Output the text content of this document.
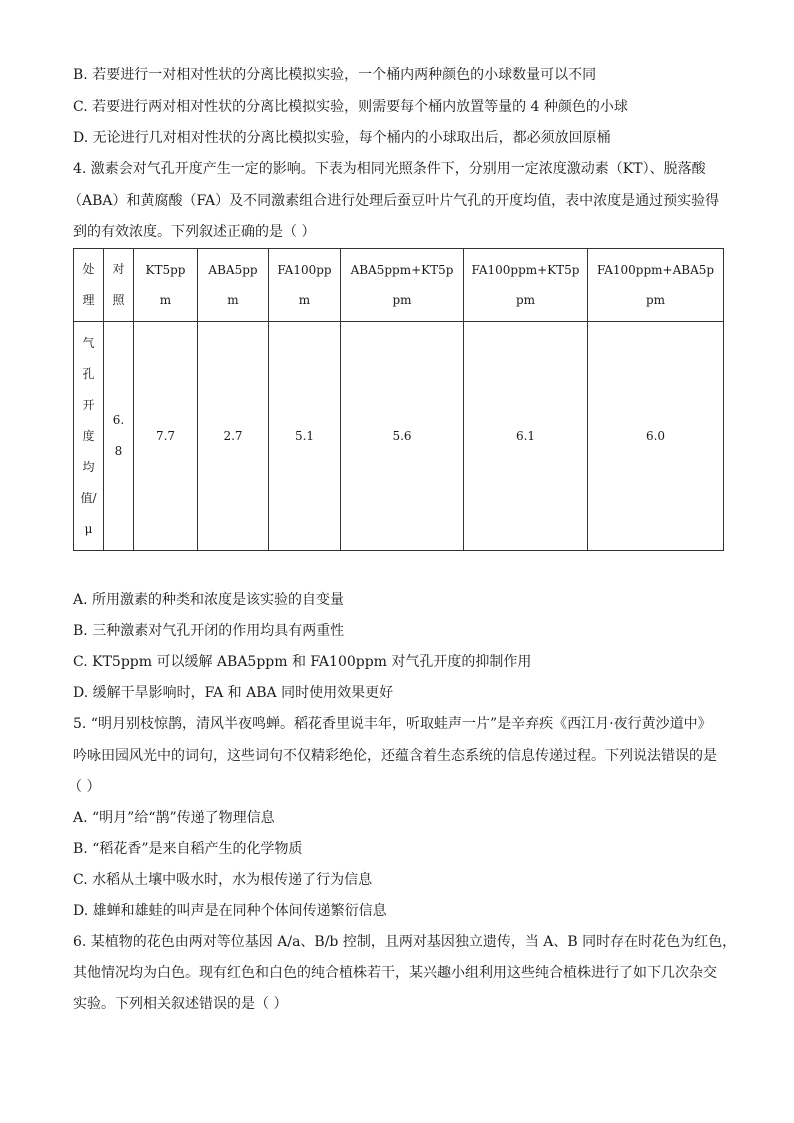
B. 若要进行一对相对性状的分离比模拟实验，一个桶内两种颜色的小球数量可以不同
C. 若要进行两对相对性状的分离比模拟实验，则需要每个桶内放置等量的 4 种颜色的小球
D. 无论进行几对相对性状的分离比模拟实验，每个桶内的小球取出后，都必须放回原桶
4. 激素会对气孔开度产生一定的影响。下表为相同光照条件下，分别用一定浓度激动素（KT）、脱落酸
（ABA）和黄腐酸（FA）及不同激素组合进行处理后蚕豆叶片气孔的开度均值，表中浓度是通过预实验得
到的有效浓度。下列叙述正确的是（ ）
处理	对照	KT5ppm	ABA5ppm	FA100ppm	ABA5ppm+KT5ppm	FA100ppm+KT5ppm	FA100ppm+ABA5ppm
气孔开度均值/μ	6.8	7.7	2.7	5.1	5.6	6.1	6.0
A. 所用激素的种类和浓度是该实验的自变量
B. 三种激素对气孔开闭的作用均具有两重性
C. KT5ppm 可以缓解 ABA5ppm 和 FA100ppm 对气孔开度的抑制作用
D. 缓解干旱影响时，FA 和 ABA 同时使用效果更好
5. “明月别枝惊鹊，清风半夜鸣蝉。稻花香里说丰年，听取蛙声一片”是辛弃疾《西江月·夜行黄沙道中》
吟咏田园风光中的词句，这些词句不仅精彩绝伦，还蕴含着生态系统的信息传递过程。下列说法错误的是
（ ）
A. “明月”给“鹊”传递了物理信息
B. “稻花香”是来自稻产生的化学物质
C. 水稻从土壤中吸水时，水为根传递了行为信息
D. 雄蝉和雄蛙的叫声是在同种个体间传递繁衍信息
6. 某植物的花色由两对等位基因 A/a、B/b 控制，且两对基因独立遗传，当 A、B 同时存在时花色为红色，
其他情况均为白色。现有红色和白色的纯合植株若干，某兴趣小组利用这些纯合植株进行了如下几次杂交
实验。下列相关叙述错误的是（ ）
